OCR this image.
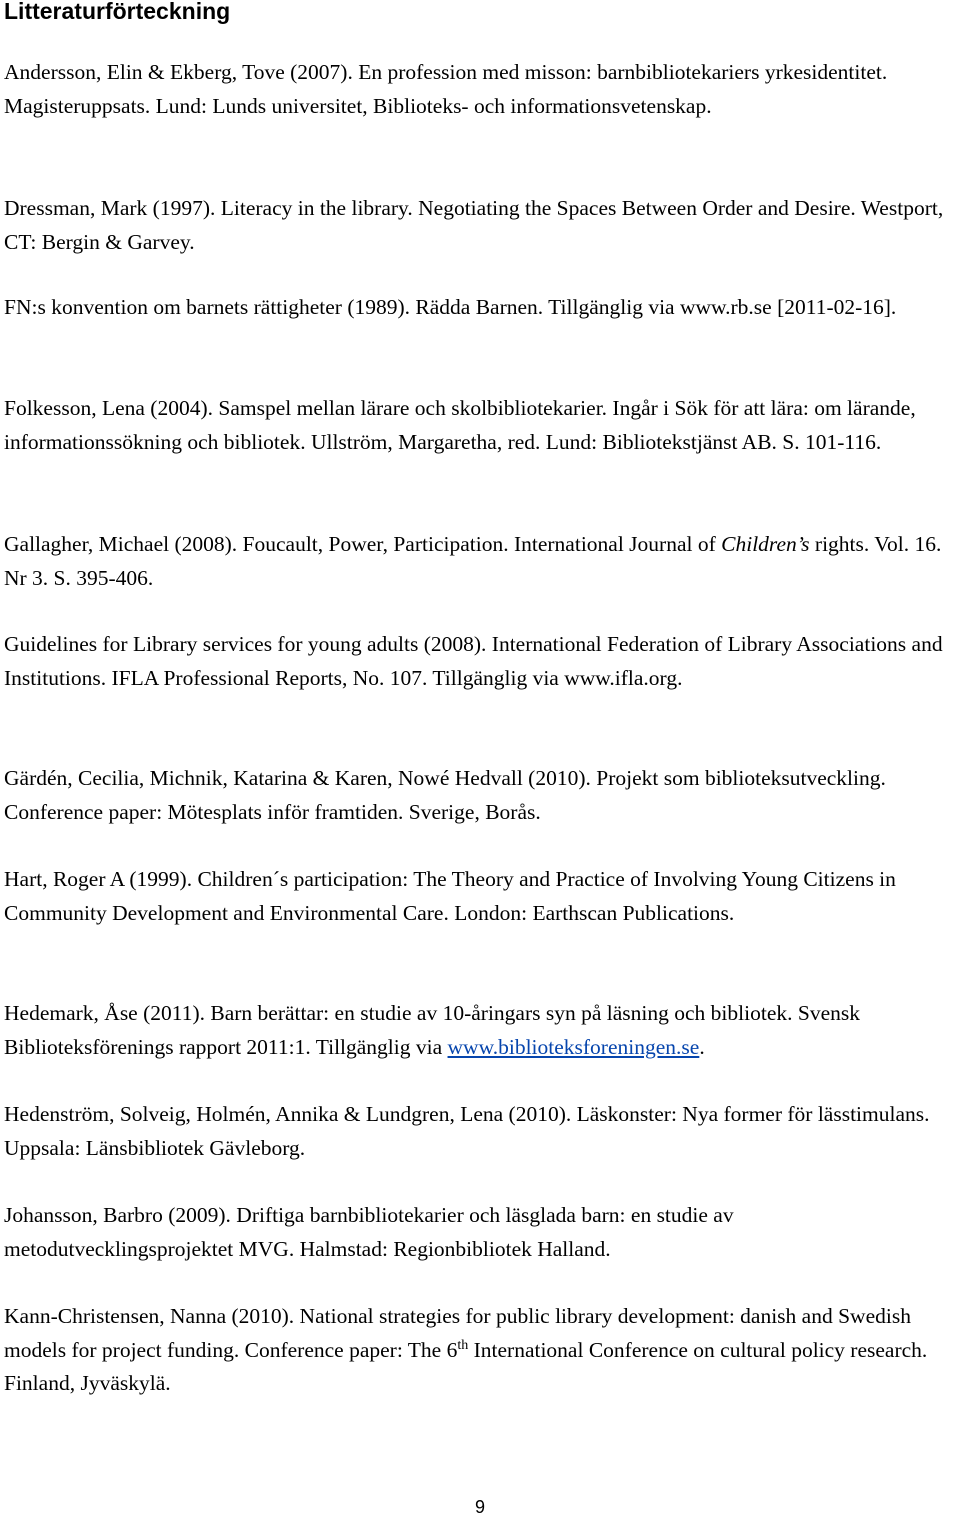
Litteraturförteckning

Andersson, Elin & Ekberg, Tove (2007). En profession med misson: barnbibliotekariers yrkesidentitet. Magisteruppsats. Lund: Lunds universitet, Biblioteks- och informationsvetenskap.

Dressman, Mark (1997). Literacy in the library. Negotiating the Spaces Between Order and Desire. Westport, CT: Bergin & Garvey.

FN:s konvention om barnets rättigheter (1989). Rädda Barnen. Tillgänglig via www.rb.se [2011-02-16].

Folkesson, Lena (2004). Samspel mellan lärare och skolbibliotekarier. Ingår i Sök för att lära: om lärande, informationssökning och bibliotek. Ullström, Margaretha, red. Lund: Bibliotekstjänst AB. S. 101-116.

Gallagher, Michael (2008). Foucault, Power, Participation. International Journal of Children’s rights. Vol. 16. Nr 3. S. 395-406.

Guidelines for Library services for young adults (2008). International Federation of Library Associations and Institutions. IFLA Professional Reports, No. 107. Tillgänglig via www.ifla.org.

Gärdén, Cecilia, Michnik, Katarina & Karen, Nowé Hedvall (2010). Projekt som biblioteksutveckling. Conference paper: Mötesplats inför framtiden. Sverige, Borås.

Hart, Roger A (1999). Children´s participation: The Theory and Practice of Involving Young Citizens in Community Development and Environmental Care. London: Earthscan Publications.

Hedemark, Åse (2011). Barn berättar: en studie av 10-åringars syn på läsning och bibliotek. Svensk Biblioteksförenings rapport 2011:1. Tillgänglig via www.biblioteksforeningen.se.

Hedenström, Solveig, Holmén, Annika & Lundgren, Lena (2010). Läskonster: Nya former för lässtimulans. Uppsala: Länsbibliotek Gävleborg.

Johansson, Barbro (2009). Driftiga barnbibliotekarier och läsglada barn: en studie av metodutvecklingsprojektet MVG. Halmstad: Regionbibliotek Halland.

Kann-Christensen, Nanna (2010). National strategies for public library development: danish and Swedish models for project funding. Conference paper: The 6th International Conference on cultural policy research. Finland, Jyväskylä.

9
